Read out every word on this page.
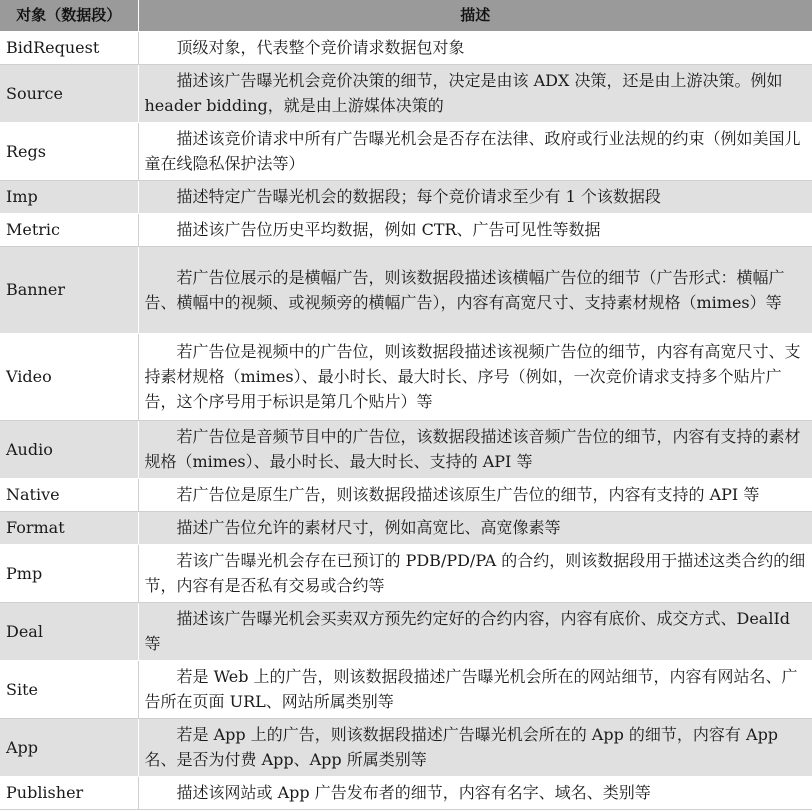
对象（数据段）	描述
BidRequest	顶级对象，代表整个竞价请求数据包对象
Source	描述该广告曝光机会竞价决策的细节，决定是由该 ADX 决策，还是由上游决策。例如 header bidding，就是由上游媒体决策的
Regs	描述该竞价请求中所有广告曝光机会是否存在法律、政府或行业法规的约束（例如美国儿童在线隐私保护法等）
Imp	描述特定广告曝光机会的数据段；每个竞价请求至少有 1 个该数据段
Metric	描述该广告位历史平均数据，例如 CTR、广告可见性等数据
Banner	若广告位展示的是横幅广告，则该数据段描述该横幅广告位的细节（广告形式：横幅广告、横幅中的视频、或视频旁的横幅广告），内容有高宽尺寸、支持素材规格（mimes）等
Video	若广告位是视频中的广告位，则该数据段描述该视频广告位的细节，内容有高宽尺寸、支持素材规格（mimes）、最小时长、最大时长、序号（例如，一次竞价请求支持多个贴片广告，这个序号用于标识是第几个贴片）等
Audio	若广告位是音频节目中的广告位，该数据段描述该音频广告位的细节，内容有支持的素材规格（mimes）、最小时长、最大时长、支持的 API 等
Native	若广告位是原生广告，则该数据段描述该原生广告位的细节，内容有支持的 API 等
Format	描述广告位允许的素材尺寸，例如高宽比、高宽像素等
Pmp	若该广告曝光机会存在已预订的 PDB/PD/PA 的合约，则该数据段用于描述这类合约的细节，内容有是否私有交易或合约等
Deal	描述该广告曝光机会买卖双方预先约定好的合约内容，内容有底价、成交方式、DealId 等
Site	若是 Web 上的广告，则该数据段描述广告曝光机会所在的网站细节，内容有网站名、广告所在页面 URL、网站所属类别等
App	若是 App 上的广告，则该数据段描述广告曝光机会所在的 App 的细节，内容有 App 名、是否为付费 App、App 所属类别等
Publisher	描述该网站或 App 广告发布者的细节，内容有名字、域名、类别等
